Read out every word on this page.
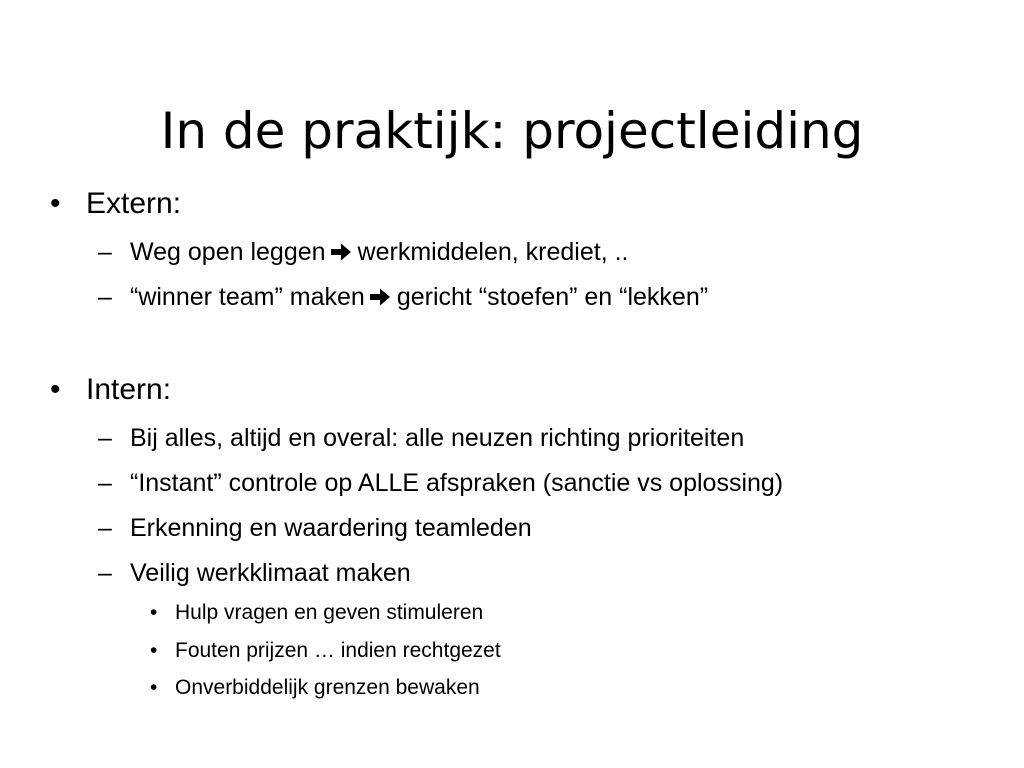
In de praktijk: projectleiding
• Extern:
– Weg open leggen werkmiddelen, krediet, ..
– “winner team” maken gericht “stoefen” en “lekken”
• Intern:
– Bij alles, altijd en overal: alle neuzen richting prioriteiten
– “Instant” controle op ALLE afspraken (sanctie vs oplossing)
– Erkenning en waardering teamleden
– Veilig werkklimaat maken
• Hulp vragen en geven stimuleren
• Fouten prijzen … indien rechtgezet
• Onverbiddelijk grenzen bewaken
